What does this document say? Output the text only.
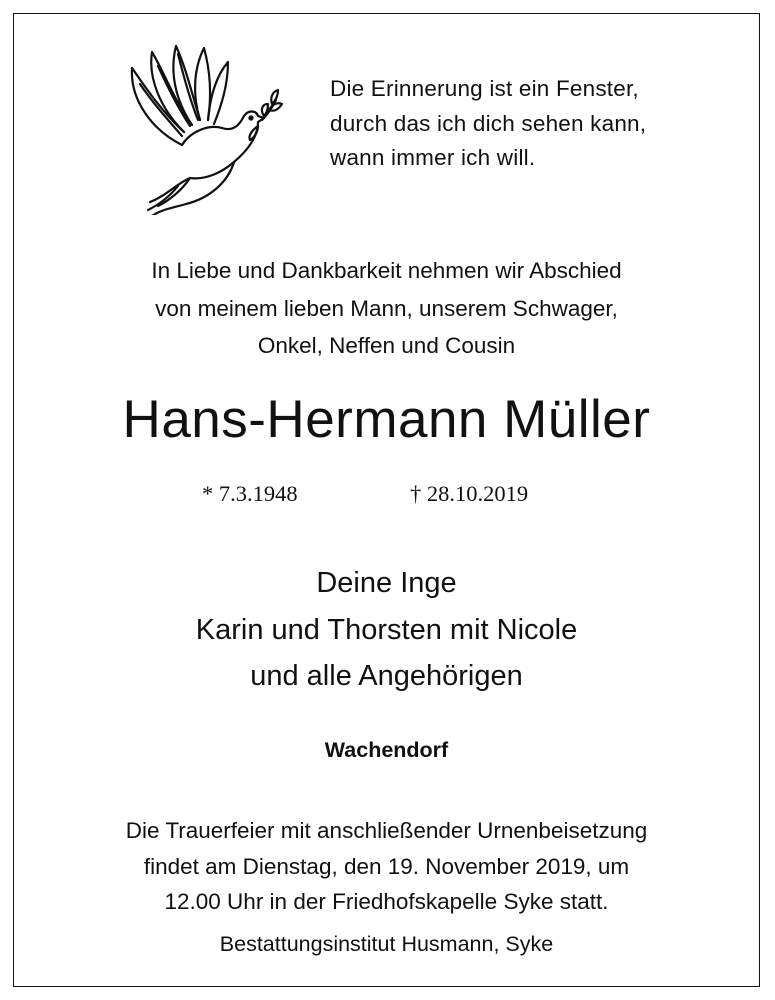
Die Erinnerung ist ein Fenster,
durch das ich dich sehen kann,
wann immer ich will.
In Liebe und Dankbarkeit nehmen wir Abschied
von meinem lieben Mann, unserem Schwager,
Onkel, Neffen und Cousin
Hans-Hermann Müller
* 7.3.1948	† 28.10.2019
Deine Inge
Karin und Thorsten mit Nicole
und alle Angehörigen
Wachendorf
Die Trauerfeier mit anschließender Urnenbeisetzung
findet am Dienstag, den 19. November 2019, um
12.00 Uhr in der Friedhofskapelle Syke statt.
Bestattungsinstitut Husmann, Syke
